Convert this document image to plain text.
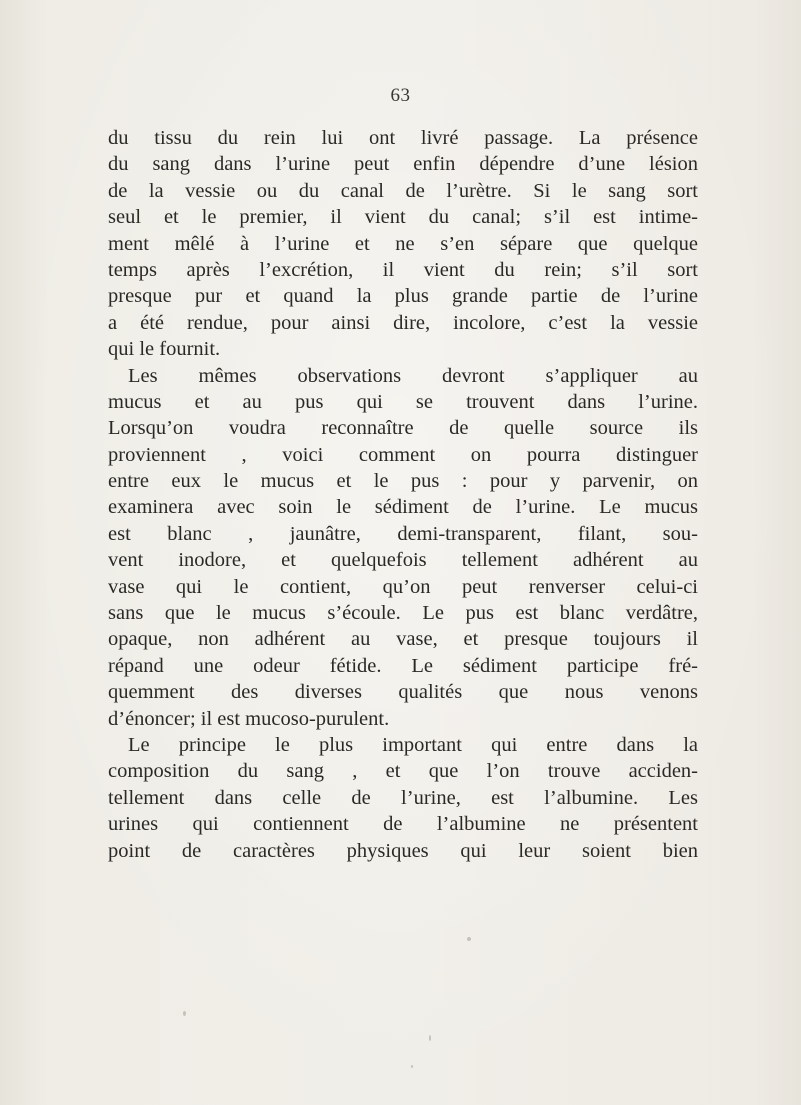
63
du tissu du rein lui ont livré passage. La présence
du sang dans l’urine peut enfin dépendre d’une lésion
de la vessie ou du canal de l’urètre. Si le sang sort
seul et le premier, il vient du canal; s’il est intime-
ment mêlé à l’urine et ne s’en sépare que quelque
temps après l’excrétion, il vient du rein; s’il sort
presque pur et quand la plus grande partie de l’urine
a été rendue, pour ainsi dire, incolore, c’est la vessie
qui le fournit.
Les mêmes observations devront s’appliquer au
mucus et au pus qui se trouvent dans l’urine.
Lorsqu’on voudra reconnaître de quelle source ils
proviennent , voici comment on pourra distinguer
entre eux le mucus et le pus : pour y parvenir, on
examinera avec soin le sédiment de l’urine. Le mucus
est blanc , jaunâtre, demi-transparent, filant, sou-
vent inodore, et quelquefois tellement adhérent au
vase qui le contient, qu’on peut renverser celui-ci
sans que le mucus s’écoule. Le pus est blanc verdâtre,
opaque, non adhérent au vase, et presque toujours il
répand une odeur fétide. Le sédiment participe fré-
quemment des diverses qualités que nous venons
d’énoncer; il est mucoso-purulent.
Le principe le plus important qui entre dans la
composition du sang , et que l’on trouve acciden-
tellement dans celle de l’urine, est l’albumine. Les
urines qui contiennent de l’albumine ne présentent
point de caractères physiques qui leur soient bien
